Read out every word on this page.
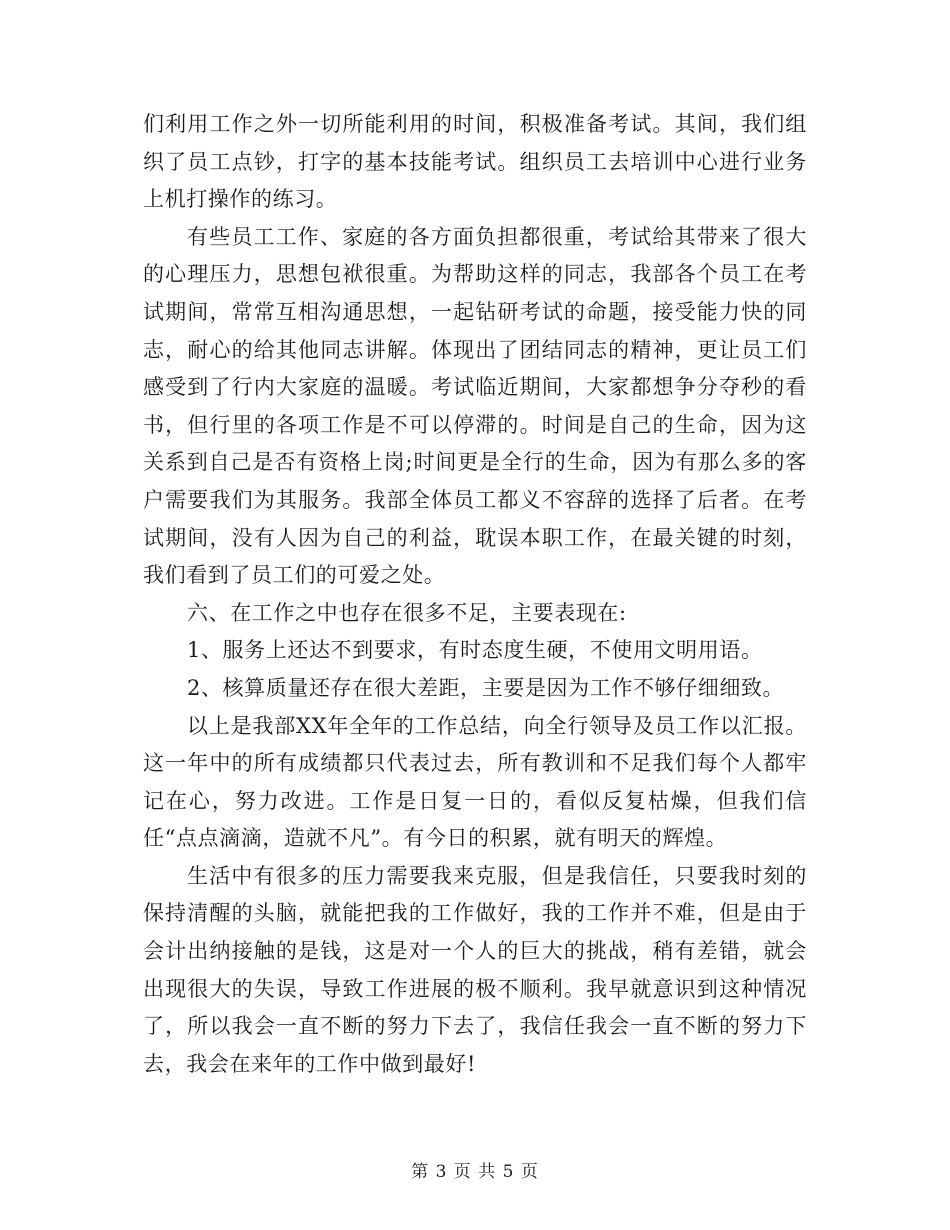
们利用工作之外一切所能利用的时间，积极准备考试。其间，我们组织了员工点钞，打字的基本技能考试。组织员工去培训中心进行业务上机打操作的练习。

有些员工工作、家庭的各方面负担都很重，考试给其带来了很大的心理压力，思想包袱很重。为帮助这样的同志，我部各个员工在考试期间，常常互相沟通思想，一起钻研考试的命题，接受能力快的同志，耐心的给其他同志讲解。体现出了团结同志的精神，更让员工们感受到了行内大家庭的温暖。考试临近期间，大家都想争分夺秒的看书，但行里的各项工作是不可以停滞的。时间是自己的生命，因为这关系到自己是否有资格上岗;时间更是全行的生命，因为有那么多的客户需要我们为其服务。我部全体员工都义不容辞的选择了后者。在考试期间，没有人因为自己的利益，耽误本职工作，在最关键的时刻，我们看到了员工们的可爱之处。

六、在工作之中也存在很多不足，主要表现在:

1、服务上还达不到要求，有时态度生硬，不使用文明用语。

2、核算质量还存在很大差距，主要是因为工作不够仔细细致。

以上是我部XX年全年的工作总结，向全行领导及员工作以汇报。这一年中的所有成绩都只代表过去，所有教训和不足我们每个人都牢记在心，努力改进。工作是日复一日的，看似反复枯燥，但我们信任“点点滴滴，造就不凡”。有今日的积累，就有明天的辉煌。

生活中有很多的压力需要我来克服，但是我信任，只要我时刻的保持清醒的头脑，就能把我的工作做好，我的工作并不难，但是由于会计出纳接触的是钱，这是对一个人的巨大的挑战，稍有差错，就会出现很大的失误，导致工作进展的极不顺利。我早就意识到这种情况了，所以我会一直不断的努力下去了，我信任我会一直不断的努力下去，我会在来年的工作中做到最好!

第 3 页 共 5 页
